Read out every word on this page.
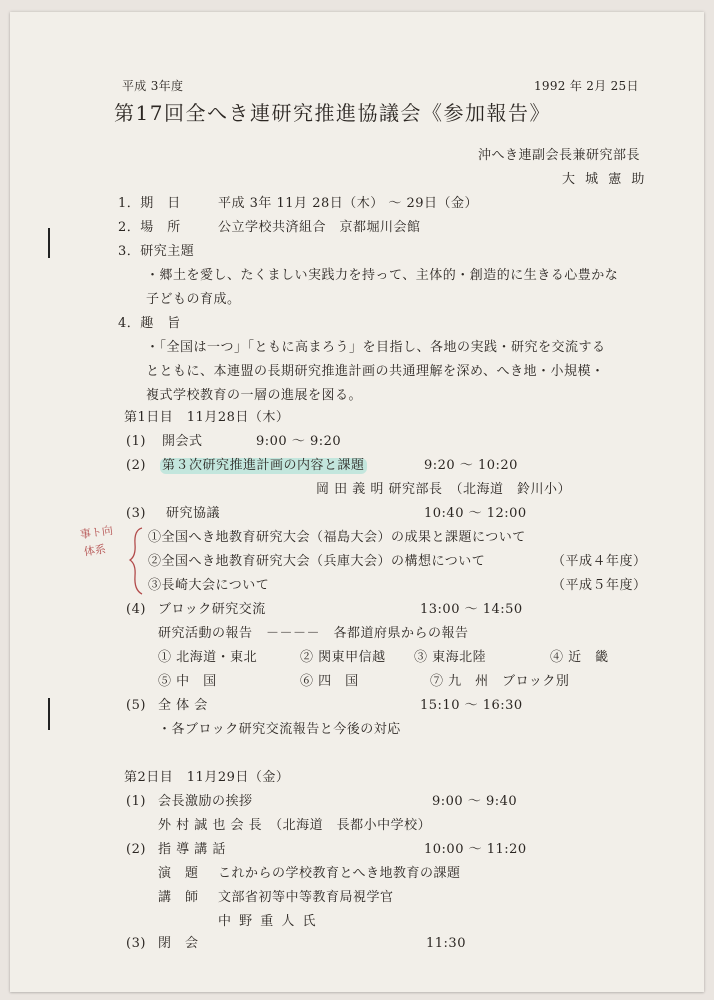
平成 3年度	1992 年 2月 25日
第17回全へき連研究推進協議会《参加報告》
沖へき連副会長兼研究部長
大 城 憲 助
1．期　日	平成 3年 11月 28日（木） ～ 29日（金）
2．場　所	公立学校共済組合　京都堀川会館
3．研究主題
・郷土を愛し、たくましい実践力を持って、主体的・創造的に生きる心豊かな
子どもの育成。
4．趣　旨
・「全国は一つ」「ともに高まろう」を目指し、各地の実践・研究を交流する
とともに、本連盟の長期研究推進計画の共通理解を深め、へき地・小規模・
複式学校教育の一層の進展を図る。
第1日目　11月28日（木）
(1) 開会式	9:00 ～ 9:20
(2) 第３次研究推進計画の内容と課題	9:20 ～ 10:20
岡 田 義 明 研究部長　（北海道　鈴川小）
(3) 研究協議	10:40 ～ 12:00
①全国へき地教育研究大会（福島大会）の成果と課題について
②全国へき地教育研究大会（兵庫大会）の構想について	（平成４年度）
③長崎大会について	（平成５年度）
事ト向
体系
(4) ブロック研究交流	13:00 ～ 14:50
研究活動の報告　－－－－　各都道府県からの報告
① 北海道・東北	② 関東甲信越 ③ 東海北陸	④ 近　畿
⑤ 中　国	⑥ 四　国	⑦ 九　州　ブロック別
(5) 全 体 会	15:10 ～ 16:30
・各ブロック研究交流報告と今後の対応
第2日目　11月29日（金）
(1) 会長激励の挨拶	9:00 ～ 9:40
外 村 誠 也 会 長　（北海道　長都小中学校）
(2) 指 導 講 話	10:00 ～ 11:20
演　題 これからの学校教育とへき地教育の課題
講　師 文部省初等中等教育局視学官
中 野 重 人 氏
(3) 閉　会	11:30
